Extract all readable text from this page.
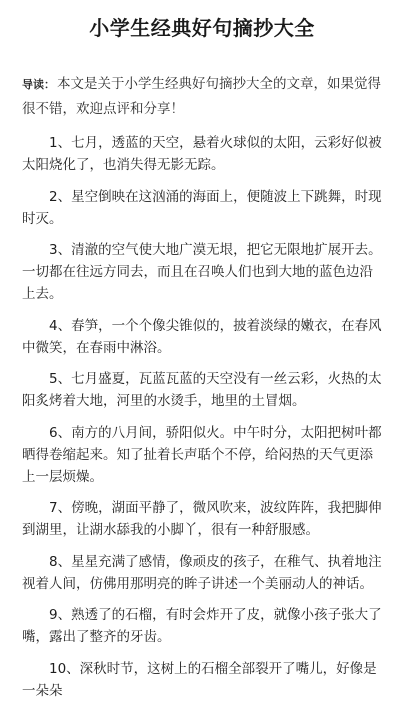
小学生经典好句摘抄大全
导读： 本文是关于小学生经典好句摘抄大全的文章，如果觉得很不错，欢迎点评和分享！

1、七月，透蓝的天空，悬着火球似的太阳，云彩好似被太阳烧化了，也消失得无影无踪。

2、星空倒映在这汹涌的海面上，便随波上下跳舞，时现时灭。

3、清澈的空气使大地广漠无垠，把它无限地扩展开去。一切都在往远方同去，而且在召唤人们也到大地的蓝色边沿上去。

4、春笋，一个个像尖锥似的，披着淡绿的嫩衣，在春风中微笑，在春雨中淋浴。

5、七月盛夏，瓦蓝瓦蓝的天空没有一丝云彩，火热的太阳炙烤着大地，河里的水烫手，地里的土冒烟。

6、南方的八月间，骄阳似火。中午时分，太阳把树叶都晒得卷缩起来。知了扯着长声聒个不停，给闷热的天气更添上一层烦燥。

7、傍晚，湖面平静了，微风吹来，波纹阵阵，我把脚伸到湖里，让湖水舔我的小脚丫，很有一种舒服感。

8、星星充满了感情，像顽皮的孩子，在稚气、执着地注视着人间，仿佛用那明亮的眸子讲述一个美丽动人的神话。

9、熟透了的石榴，有时会炸开了皮，就像小孩子张大了嘴，露出了整齐的牙齿。

10、深秋时节，这树上的石榴全部裂开了嘴儿，好像是一朵朵
